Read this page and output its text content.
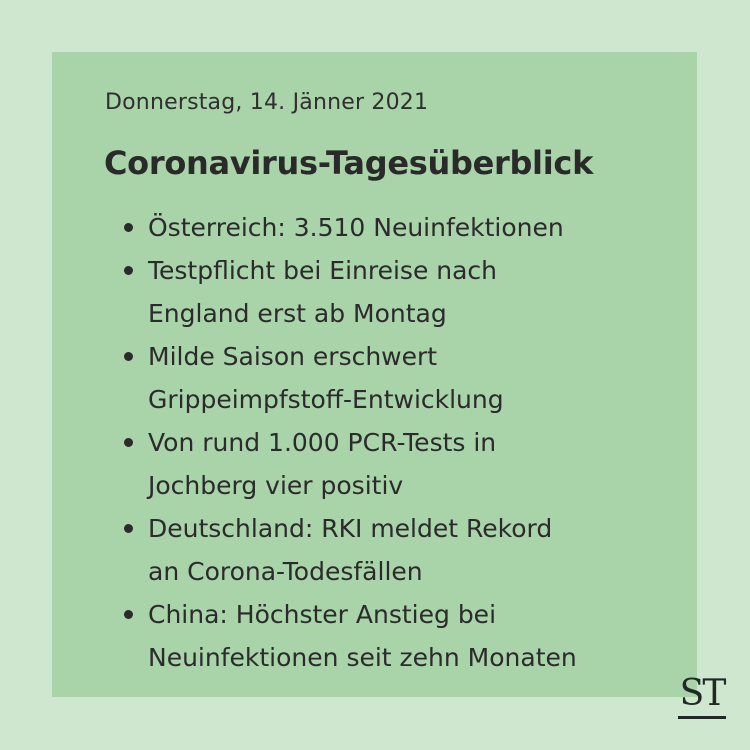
Donnerstag, 14. Jänner 2021
Coronavirus-Tagesüberblick
Österreich: 3.510 Neuinfektionen
Testpflicht bei Einreise nach
England erst ab Montag
Milde Saison erschwert
Grippeimpfstoff-Entwicklung
Von rund 1.000 PCR-Tests in
Jochberg vier positiv
Deutschland: RKI meldet Rekord
an Corona-Todesfällen
China: Höchster Anstieg bei
Neuinfektionen seit zehn Monaten
ST
